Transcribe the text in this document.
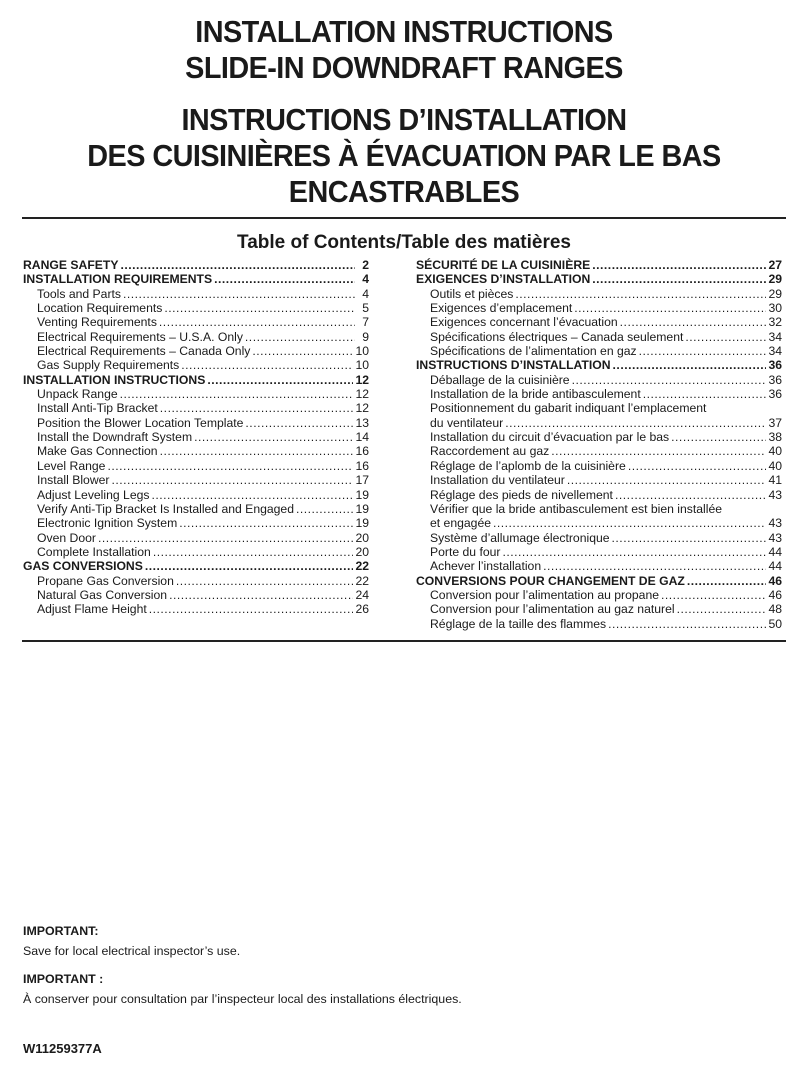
INSTALLATION INSTRUCTIONS
SLIDE-IN DOWNDRAFT RANGES
INSTRUCTIONS D’INSTALLATION
DES CUISINIÈRES À ÉVACUATION PAR LE BAS
ENCASTRABLES
Table of Contents/Table des matières
RANGE SAFETY .....	2
INSTALLATION REQUIREMENTS .....	4
Tools and Parts .....	4
Location Requirements .....	5
Venting Requirements .....	7
Electrical Requirements – U.S.A. Only .....	9
Electrical Requirements – Canada Only .....	10
Gas Supply Requirements .....	10
INSTALLATION INSTRUCTIONS .....	12
Unpack Range .....	12
Install Anti-Tip Bracket .....	12
Position the Blower Location Template .....	13
Install the Downdraft System .....	14
Make Gas Connection .....	16
Level Range .....	16
Install Blower .....	17
Adjust Leveling Legs .....	19
Verify Anti-Tip Bracket Is Installed and Engaged .....	19
Electronic Ignition System .....	19
Oven Door .....	20
Complete Installation .....	20
GAS CONVERSIONS .....	22
Propane Gas Conversion .....	22
Natural Gas Conversion .....	24
Adjust Flame Height .....	26
SÉCURITÉ DE LA CUISINIÈRE .....	27
EXIGENCES D’INSTALLATION .....	29
Outils et pièces .....	29
Exigences d’emplacement .....	30
Exigences concernant l’évacuation .....	32
Spécifications électriques – Canada seulement .....	34
Spécifications de l’alimentation en gaz .....	34
INSTRUCTIONS D’INSTALLATION .....	36
Déballage de la cuisinière .....	36
Installation de la bride antibasculement .....	36
Positionnement du gabarit indiquant l’emplacement
du ventilateur .....	37
Installation du circuit d’évacuation par le bas .....	38
Raccordement au gaz .....	40
Réglage de l’aplomb de la cuisinière .....	40
Installation du ventilateur .....	41
Réglage des pieds de nivellement .....	43
Vérifier que la bride antibasculement est bien installée
et engagée .....	43
Système d’allumage électronique .....	43
Porte du four .....	44
Achever l’installation .....	44
CONVERSIONS POUR CHANGEMENT DE GAZ .....	46
Conversion pour l’alimentation au propane .....	46
Conversion pour l’alimentation au gaz naturel .....	48
Réglage de la taille des flammes .....	50
IMPORTANT:
Save for local electrical inspector’s use.
IMPORTANT :
À conserver pour consultation par l’inspecteur local des installations électriques.
W11259377A
